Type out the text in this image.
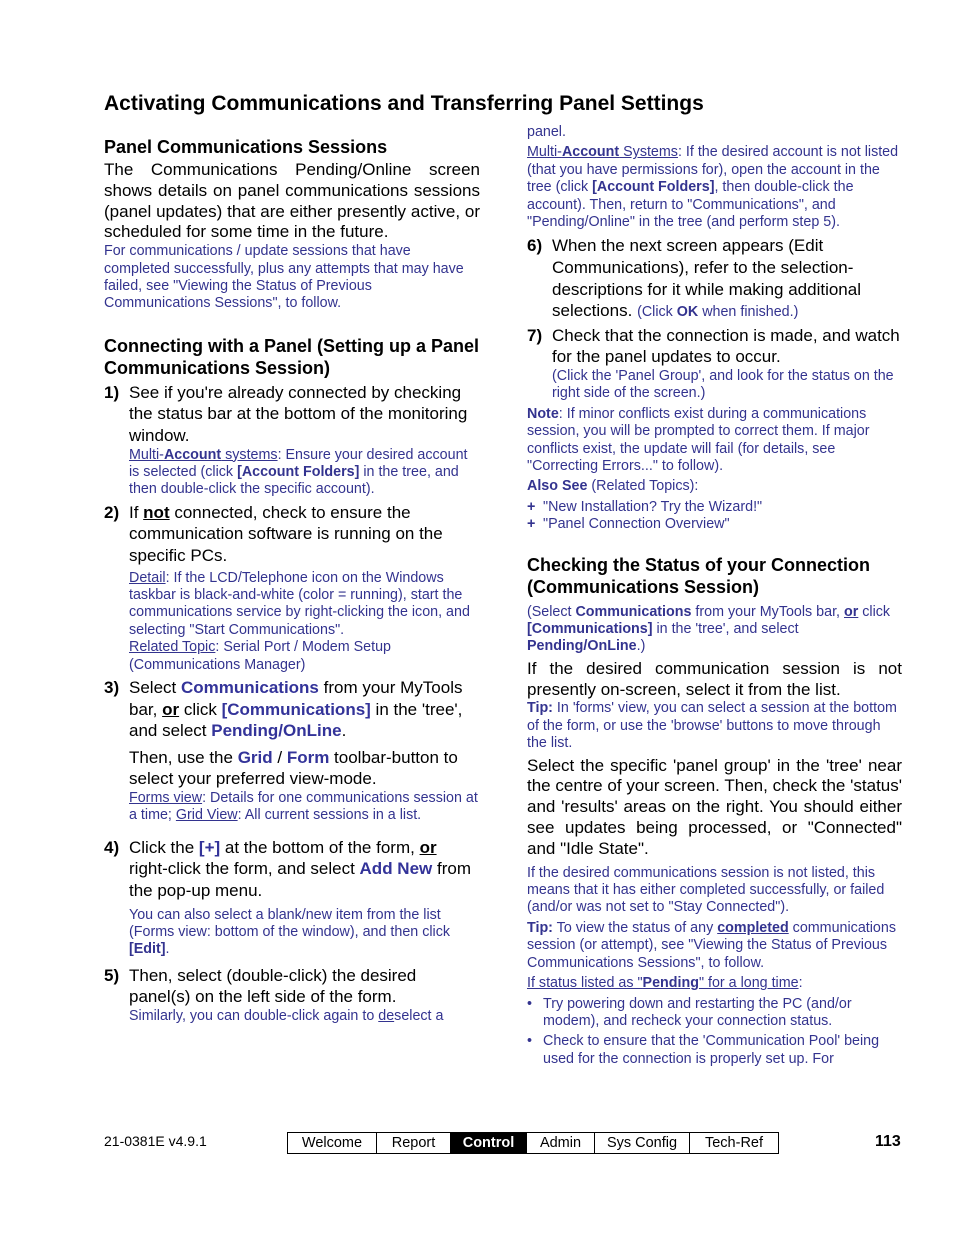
Activating Communications and Transferring Panel Settings
Panel Communications Sessions

The Communications Pending/Online screen shows details on panel communications sessions (panel updates) that are either presently active, or scheduled for some time in the future.

For communications / update sessions that have completed successfully, plus any attempts that may have failed, see "Viewing the Status of Previous Communications Sessions", to follow.

Connecting with a Panel (Setting up a Panel Communications Session)
1) See if you're already connected by checking the status bar at the bottom of the monitoring window.

Multi-Account systems: Ensure your desired account is selected (click [Account Folders] in the tree, and then double-click the specific account).

2) If not connected, check to ensure the communication software is running on the specific PCs.

Detail: If the LCD/Telephone icon on the Windows taskbar is black-and-white (color = running), start the communications service by right-clicking the icon, and selecting "Start Communications".

Related Topic: Serial Port / Modem Setup (Communications Manager)

3) Select Communications from your MyTools bar, or click [Communications] in the 'tree', and select Pending/OnLine.

Then, use the Grid / Form toolbar-button to select your preferred view-mode.

Forms view: Details for one communications session at a time; Grid View: All current sessions in a list.

4) Click the [+] at the bottom of the form, or right-click the form, and select Add New from the pop-up menu.

You can also select a blank/new item from the list (Forms view: bottom of the window), and then click [Edit].

5) Then, select (double-click) the desired panel(s) on the left side of the form.

Similarly, you can double-click again to deselect a

panel.

Multi-Account Systems: If the desired account is not listed (that you have permissions for), open the account in the tree (click [Account Folders], then double-click the account). Then, return to "Communications", and "Pending/Online" in the tree (and perform step 5).

6) When the next screen appears (Edit Communications), refer to the selection-descriptions for it while making additional selections. (Click OK when finished.)

7) Check that the connection is made, and watch for the panel updates to occur.

(Click the 'Panel Group', and look for the status on the right side of the screen.)

Note: If minor conflicts exist during a communications session, you will be prompted to correct them. If major conflicts exist, the update will fail (for details, see "Correcting Errors..." to follow).

Also See (Related Topics):

+ "New Installation? Try the Wizard!"
+ "Panel Connection Overview"
Checking the Status of your Connection (Communications Session)

(Select Communications from your MyTools bar, or click [Communications] in the 'tree', and select Pending/OnLine.)

If the desired communication session is not presently on-screen, select it from the list.

Tip: In 'forms' view, you can select a session at the bottom of the form, or use the 'browse' buttons to move through the list.

Select the specific 'panel group' in the 'tree' near the centre of your screen. Then, check the 'status' and 'results' areas on the right. You should either see updates being processed, or "Connected" and "Idle State".

If the desired communications session is not listed, this means that it has either completed successfully, or failed (and/or was not set to "Stay Connected").

Tip: To view the status of any completed communications session (or attempt), see "Viewing the Status of Previous Communications Sessions", to follow.

If status listed as "Pending" for a long time:

• Try powering down and restarting the PC (and/or modem), and recheck your connection status.
• Check to ensure that the 'Communication Pool' being used for the connection is properly set up. For
21-0381E v4.9.1	Welcome	Report	Control	Admin	Sys Config	Tech-Ref	113
